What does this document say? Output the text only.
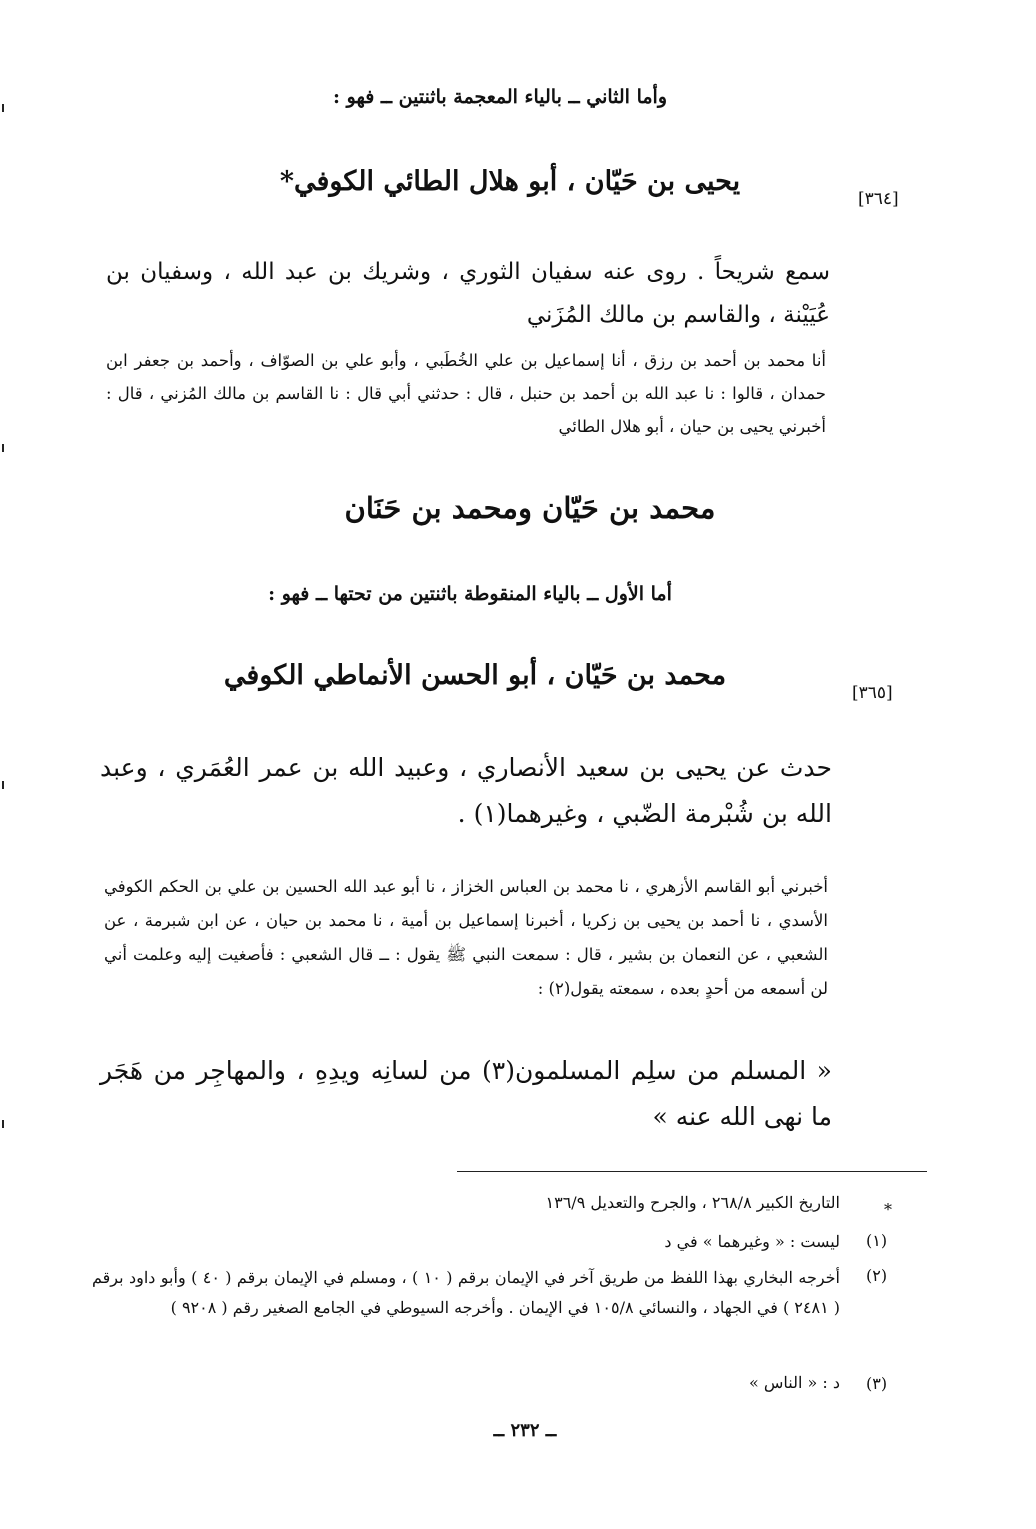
وأما الثاني ــ بالياء المعجمة باثنتين ــ فهو :
[٣٦٤]
يحيى بن حَيّان ، أبو هلال الطائي الكوفي*
سمع شريحاً . روى عنه سفيان الثوري ، وشريك بن عبد الله ، وسفيان بن عُيَيْنة ، والقاسم بن مالك المُزَني
أنا محمد بن أحمد بن رزق ، أنا إسماعيل بن علي الخُطَبي ، وأبو علي بن الصوّاف ، وأحمد بن جعفر ابن حمدان ، قالوا : نا عبد الله بن أحمد بن حنبل ، قال : حدثني أبي قال : نا القاسم بن مالك المُزني ، قال : أخبرني يحيى بن حيان ، أبو هلال الطائي
محمد بن حَيّان ومحمد بن حَنَان
أما الأول ــ بالياء المنقوطة باثنتين من تحتها ــ فهو :
[٣٦٥]
محمد بن حَيّان ، أبو الحسن الأنماطي الكوفي
حدث عن يحيى بن سعيد الأنصاري ، وعبيد الله بن عمر العُمَري ، وعبد الله بن شُبْرمة الضّبي ، وغيرهما(١) .
أخبرني أبو القاسم الأزهري ، نا محمد بن العباس الخزاز ، نا أبو عبد الله الحسين بن علي بن الحكم الكوفي الأسدي ، نا أحمد بن يحيى بن زكريا ، أخبرنا إسماعيل بن أمية ، نا محمد بن حيان ، عن ابن شبرمة ، عن الشعبي ، عن النعمان بن بشير ، قال : سمعت النبي ﷺ يقول : ــ قال الشعبي : فأصغيت إليه وعلمت أني لن أسمعه من أحدٍ بعده ، سمعته يقول(٢) :
« المسلم من سلِم المسلمون(٣) من لسانِه ويدِهِ ، والمهاجِر من هَجَر ما نهى الله عنه »
*
التاريخ الكبير ٢٦٨/٨ ، والجرح والتعديل ١٣٦/٩
(١)
ليست : « وغيرهما » في د
(٢)
أخرجه البخاري بهذا اللفظ من طريق آخر في الإيمان برقم ( ١٠ ) ، ومسلم في الإيمان برقم ( ٤٠ ) وأبو داود برقم ( ٢٤٨١ ) في الجهاد ، والنسائي ١٠٥/٨ في الإيمان . وأخرجه السيوطي في الجامع الصغير رقم ( ٩٢٠٨ )
(٣)
د : « الناس »
ــ ٢٣٢ ــ
